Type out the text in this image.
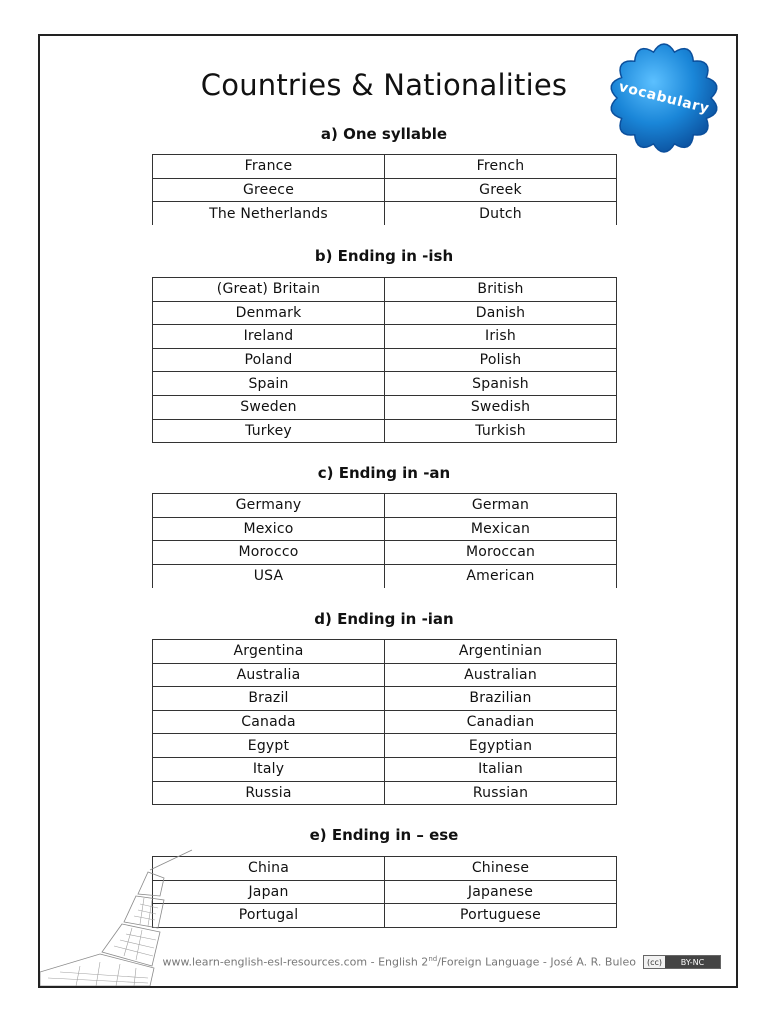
Countries & Nationalities	vocabulary
a) One syllable
France	French
Greece	Greek
The Netherlands	Dutch
b) Ending in -ish
(Great) Britain	British
Denmark	Danish
Ireland	Irish
Poland	Polish
Spain	Spanish
Sweden	Swedish
Turkey	Turkish
c) Ending in -an
Germany	German
Mexico	Mexican
Morocco	Moroccan
USA	American
d) Ending in -ian
Argentina	Argentinian
Australia	Australian
Brazil	Brazilian
Canada	Canadian
Egypt	Egyptian
Italy	Italian
Russia	Russian
e) Ending in – ese
China	Chinese
Japan	Japanese
Portugal	Portuguese
www.learn-english-esl-resources.com - English 2nd/Foreign Language - José A. R. Buleo	(cc)	BY-NC
